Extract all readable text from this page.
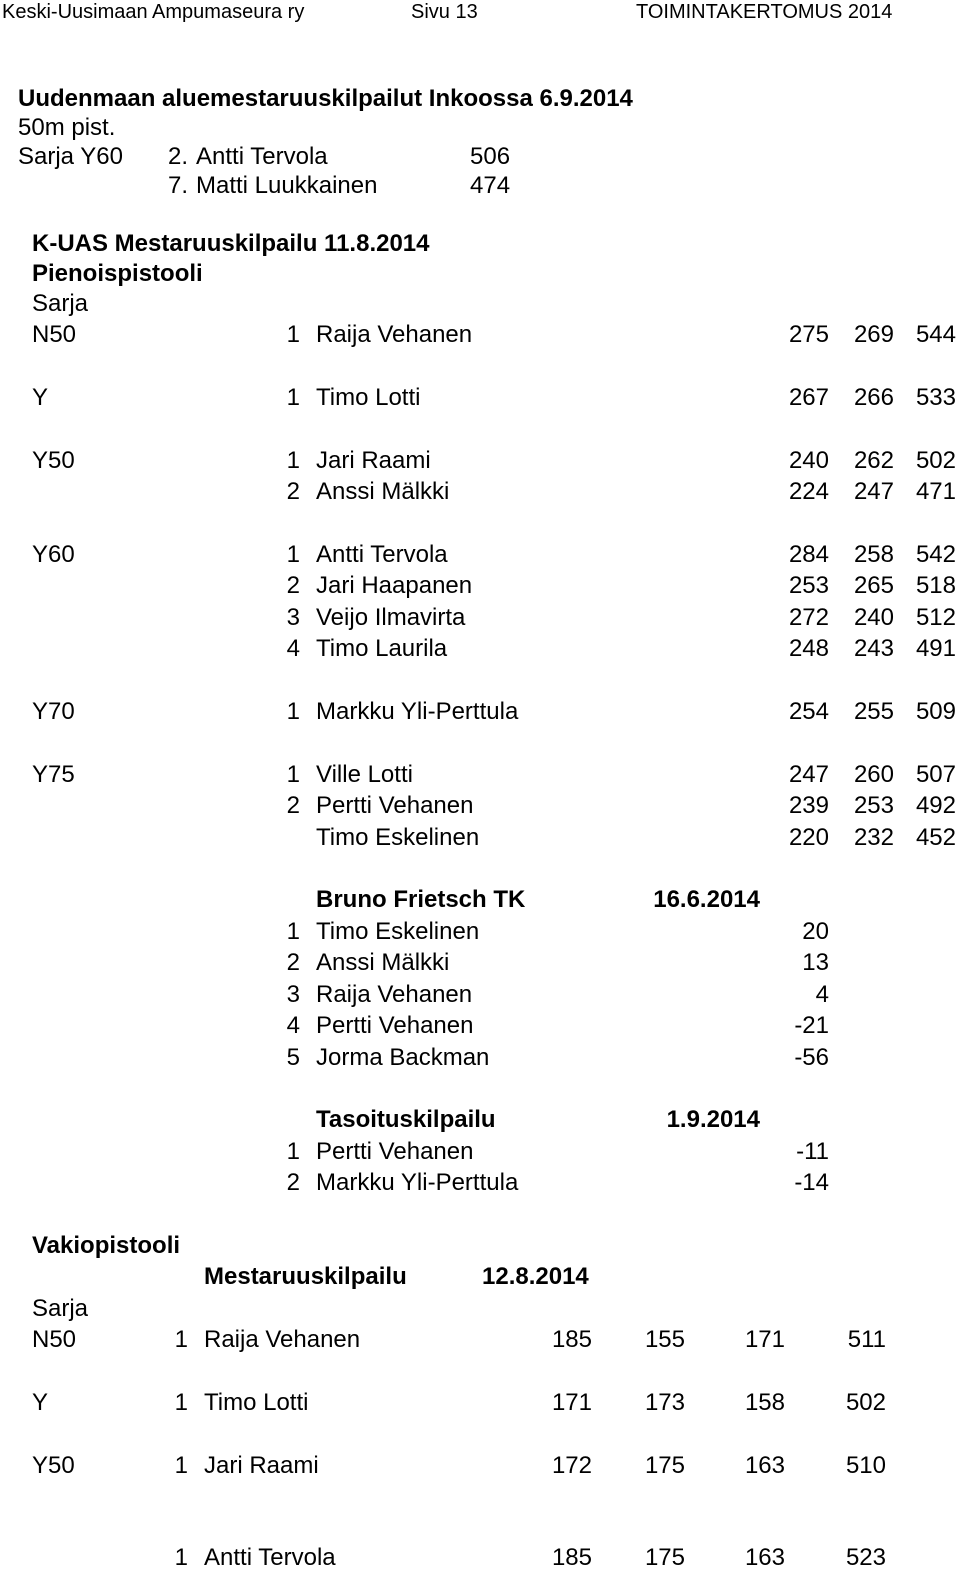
Keski-Uusimaan Ampumaseura ry	Sivu 13	TOIMINTAKERTOMUS 2014
Uudenmaan aluemestaruuskilpailut Inkoossa 6.9.2014
50m pist.
Sarja Y60 2. Antti Tervola	506
7. Matti Luukkainen	474
K-UAS Mestaruuskilpailu 11.8.2014
Pienoispistooli
Sarja
N50	1 Raija Vehanen	275 269 544
Y	1 Timo Lotti	267 266 533
Y50	1 Jari Raami	240 262 502
2 Anssi Mälkki	224 247 471
Y60	1 Antti Tervola	284 258 542
2 Jari Haapanen	253 265 518
3 Veijo Ilmavirta	272 240 512
4 Timo Laurila	248 243 491
Y70	1 Markku Yli-Perttula	254 255 509
Y75	1 Ville Lotti	247 260 507
2 Pertti Vehanen	239 253 492
Timo Eskelinen	220 232 452
Bruno Frietsch TK	16.6.2014
1 Timo Eskelinen	20
2 Anssi Mälkki	13
3 Raija Vehanen	4
4 Pertti Vehanen	-21
5 Jorma Backman	-56
Tasoituskilpailu	1.9.2014
1 Pertti Vehanen	-11
2 Markku Yli-Perttula	-14
Vakiopistooli
Mestaruuskilpailu	12.8.2014
Sarja
N50	1 Raija Vehanen	185 155 171	511
Y	1 Timo Lotti	171 173 158	502
Y50	1 Jari Raami	172 175 163	510
1 Antti Tervola	185 175 163	523
